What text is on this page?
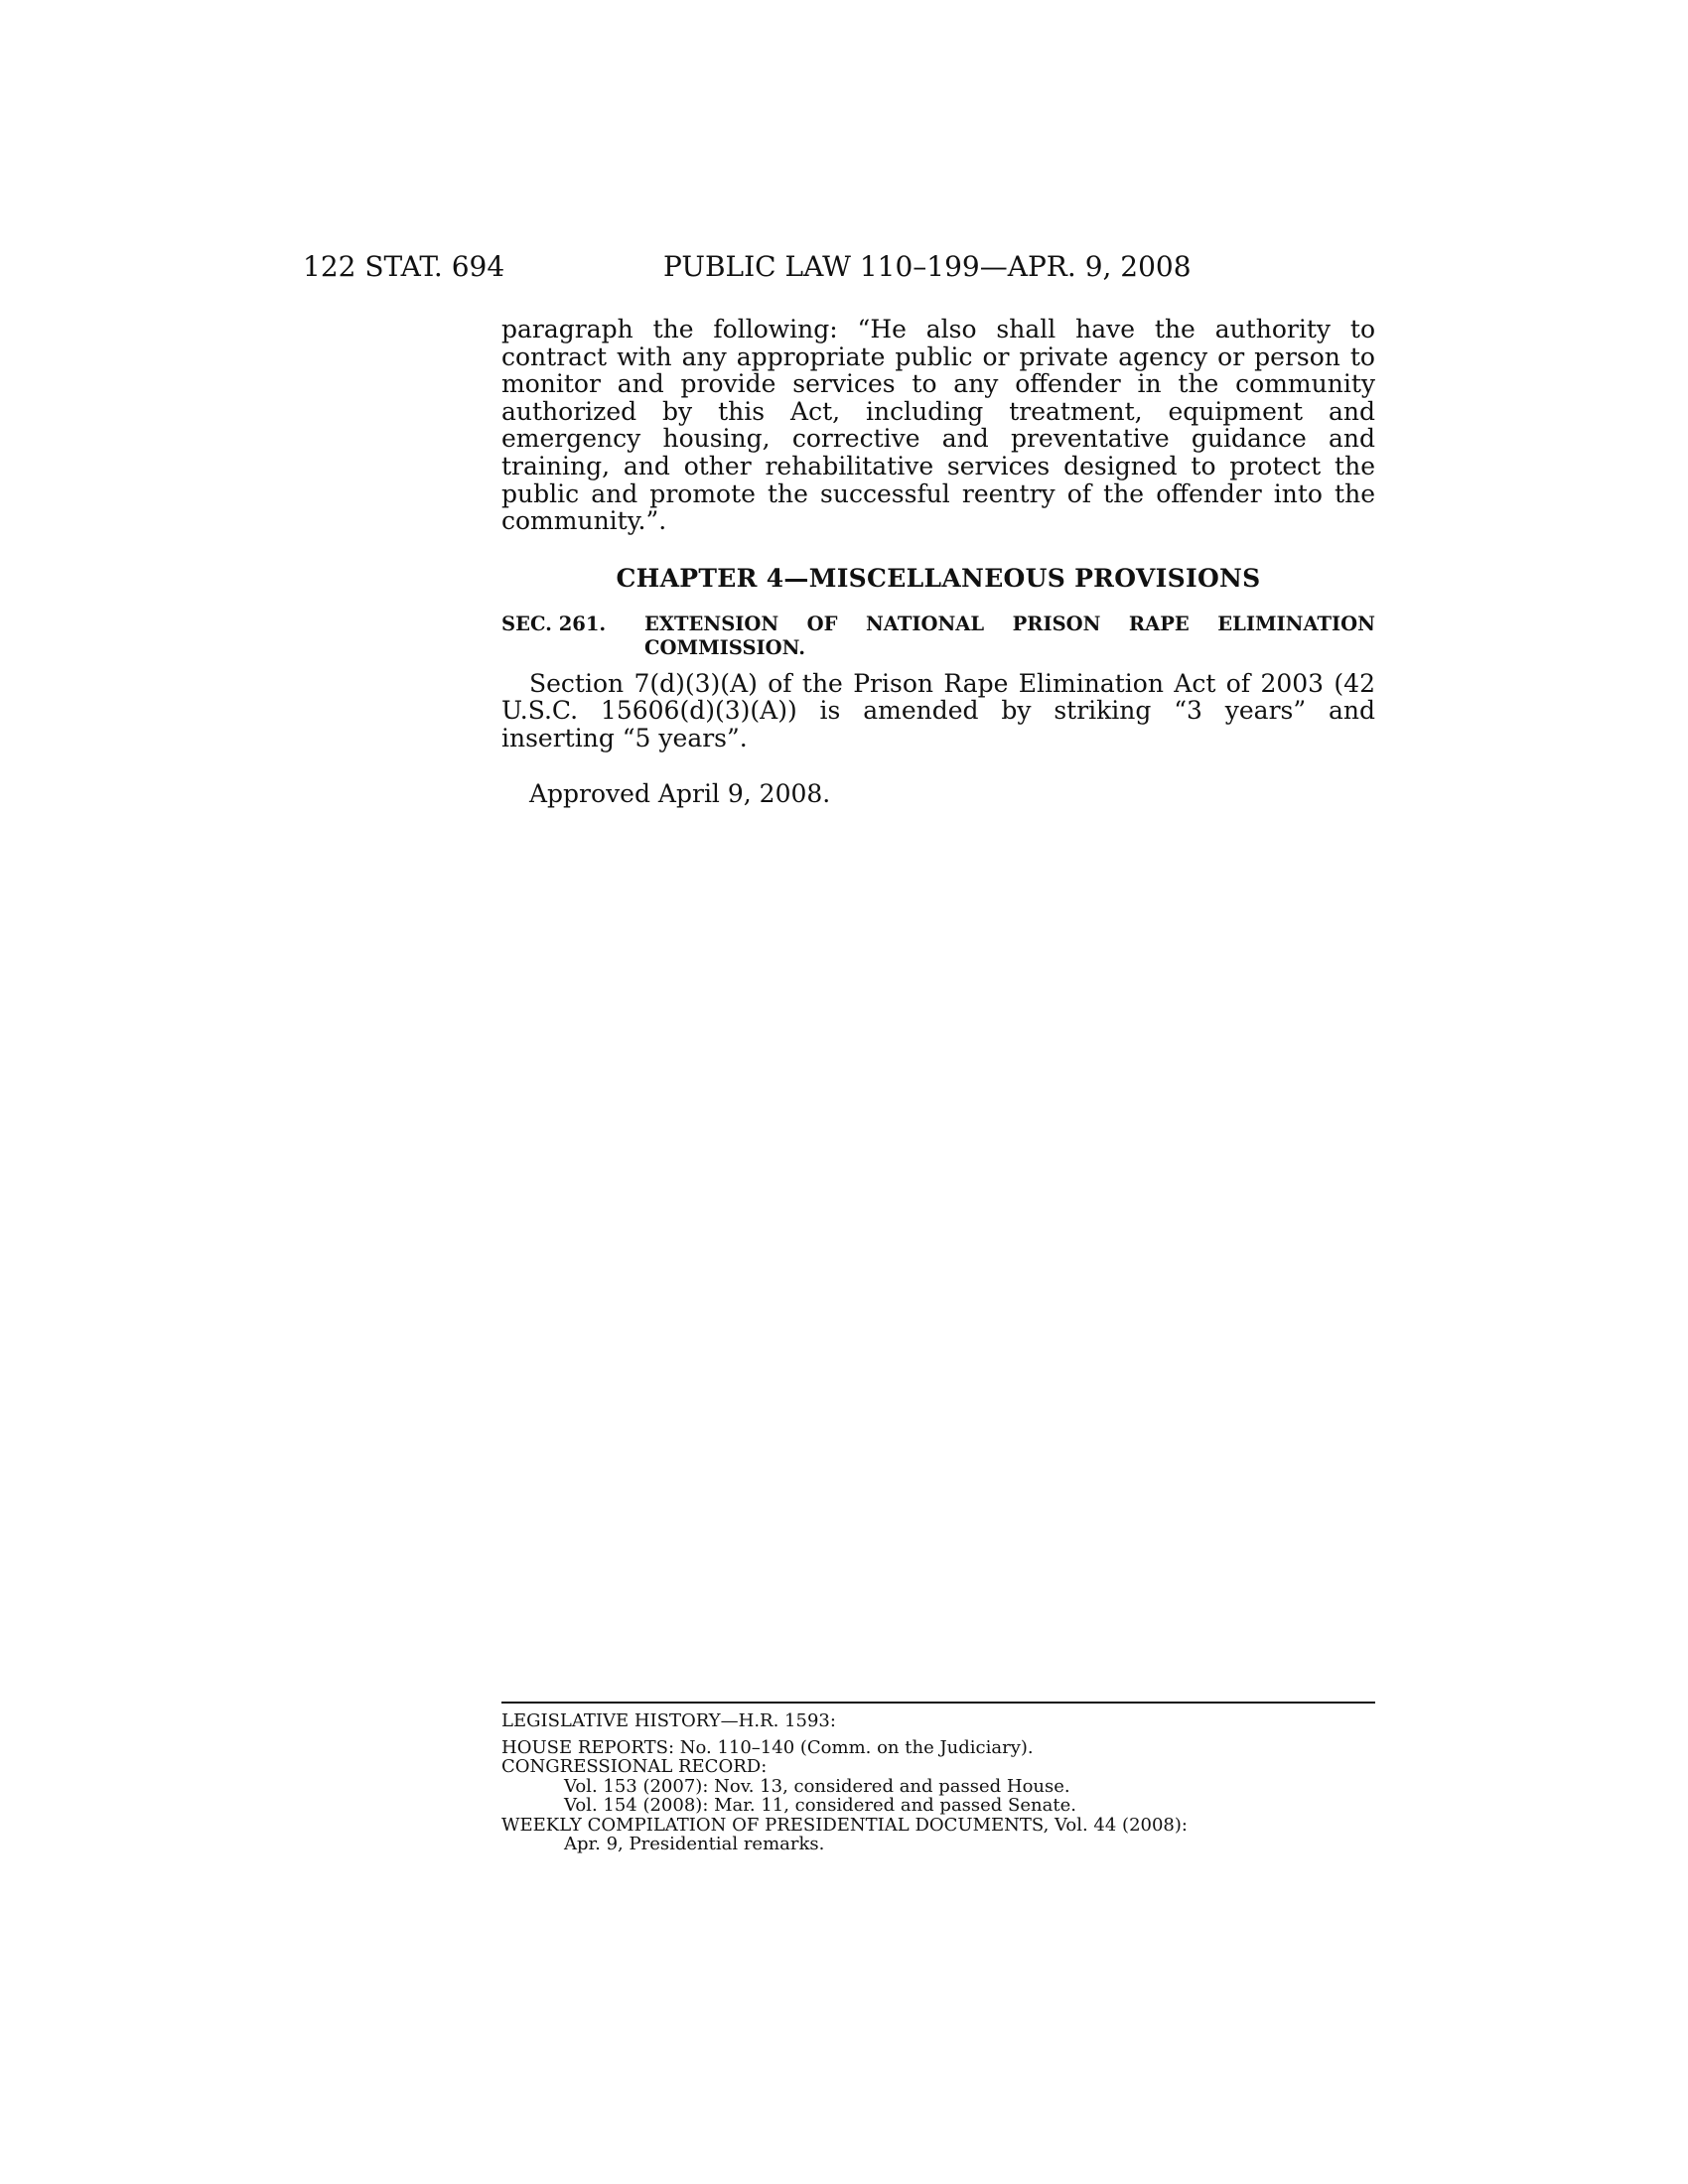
122 STAT. 694	PUBLIC LAW 110–199—APR. 9, 2008

paragraph the following: “He also shall have the authority to contract with any appropriate public or private agency or person to monitor and provide services to any offender in the community authorized by this Act, including treatment, equipment and emergency housing, corrective and preventative guidance and training, and other rehabilitative services designed to protect the public and promote the successful reentry of the offender into the community.”.

CHAPTER 4—MISCELLANEOUS PROVISIONS
SEC. 261.	EXTENSION OF NATIONAL PRISON RAPE ELIMINATION COMMISSION.

Section 7(d)(3)(A) of the Prison Rape Elimination Act of 2003 (42 U.S.C. 15606(d)(3)(A)) is amended by striking “3 years” and inserting “5 years”.

Approved April 9, 2008.

LEGISLATIVE HISTORY—H.R. 1593:

HOUSE REPORTS: No. 110–140 (Comm. on the Judiciary).

CONGRESSIONAL RECORD:

Vol. 153 (2007): Nov. 13, considered and passed House.

Vol. 154 (2008): Mar. 11, considered and passed Senate.

WEEKLY COMPILATION OF PRESIDENTIAL DOCUMENTS, Vol. 44 (2008):

Apr. 9, Presidential remarks.
